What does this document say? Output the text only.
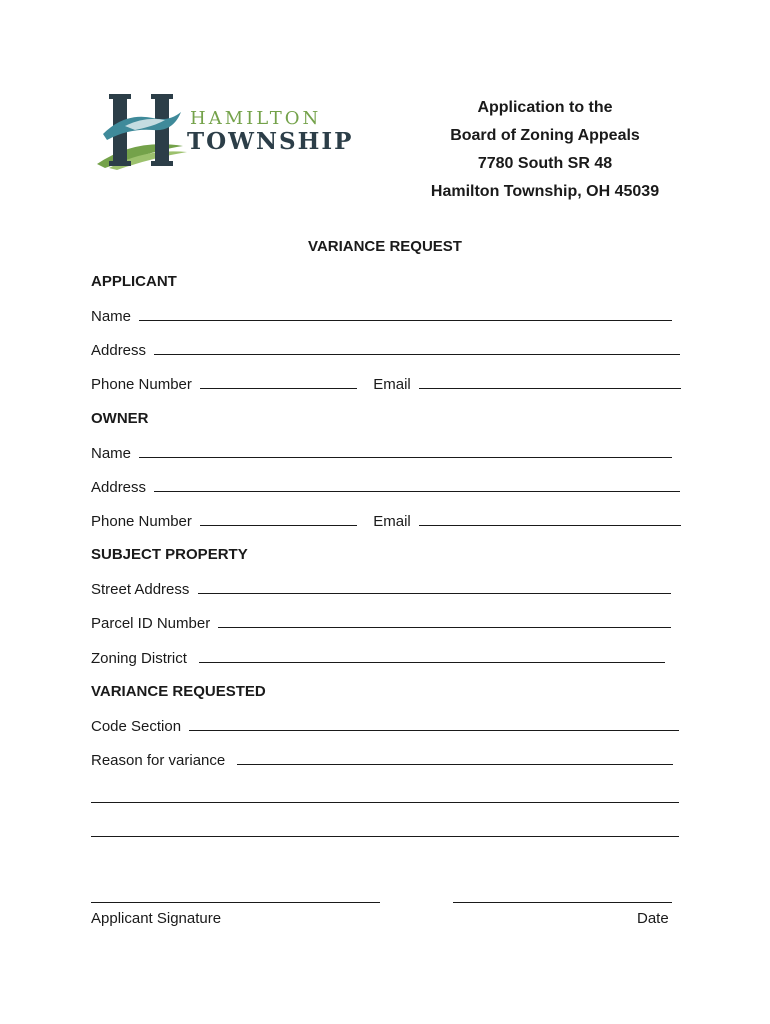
HAMILTON
TOWNSHIP
Application to the
Board of Zoning Appeals
7780 South SR 48
Hamilton Township, OH 45039
VARIANCE REQUEST
APPLICANT
Name
Address
Phone Number	Email
OWNER
Name
Address
Phone Number	Email
SUBJECT PROPERTY
Street Address
Parcel ID Number
Zoning District
VARIANCE REQUESTED
Code Section
Reason for variance
Applicant Signature	Date
